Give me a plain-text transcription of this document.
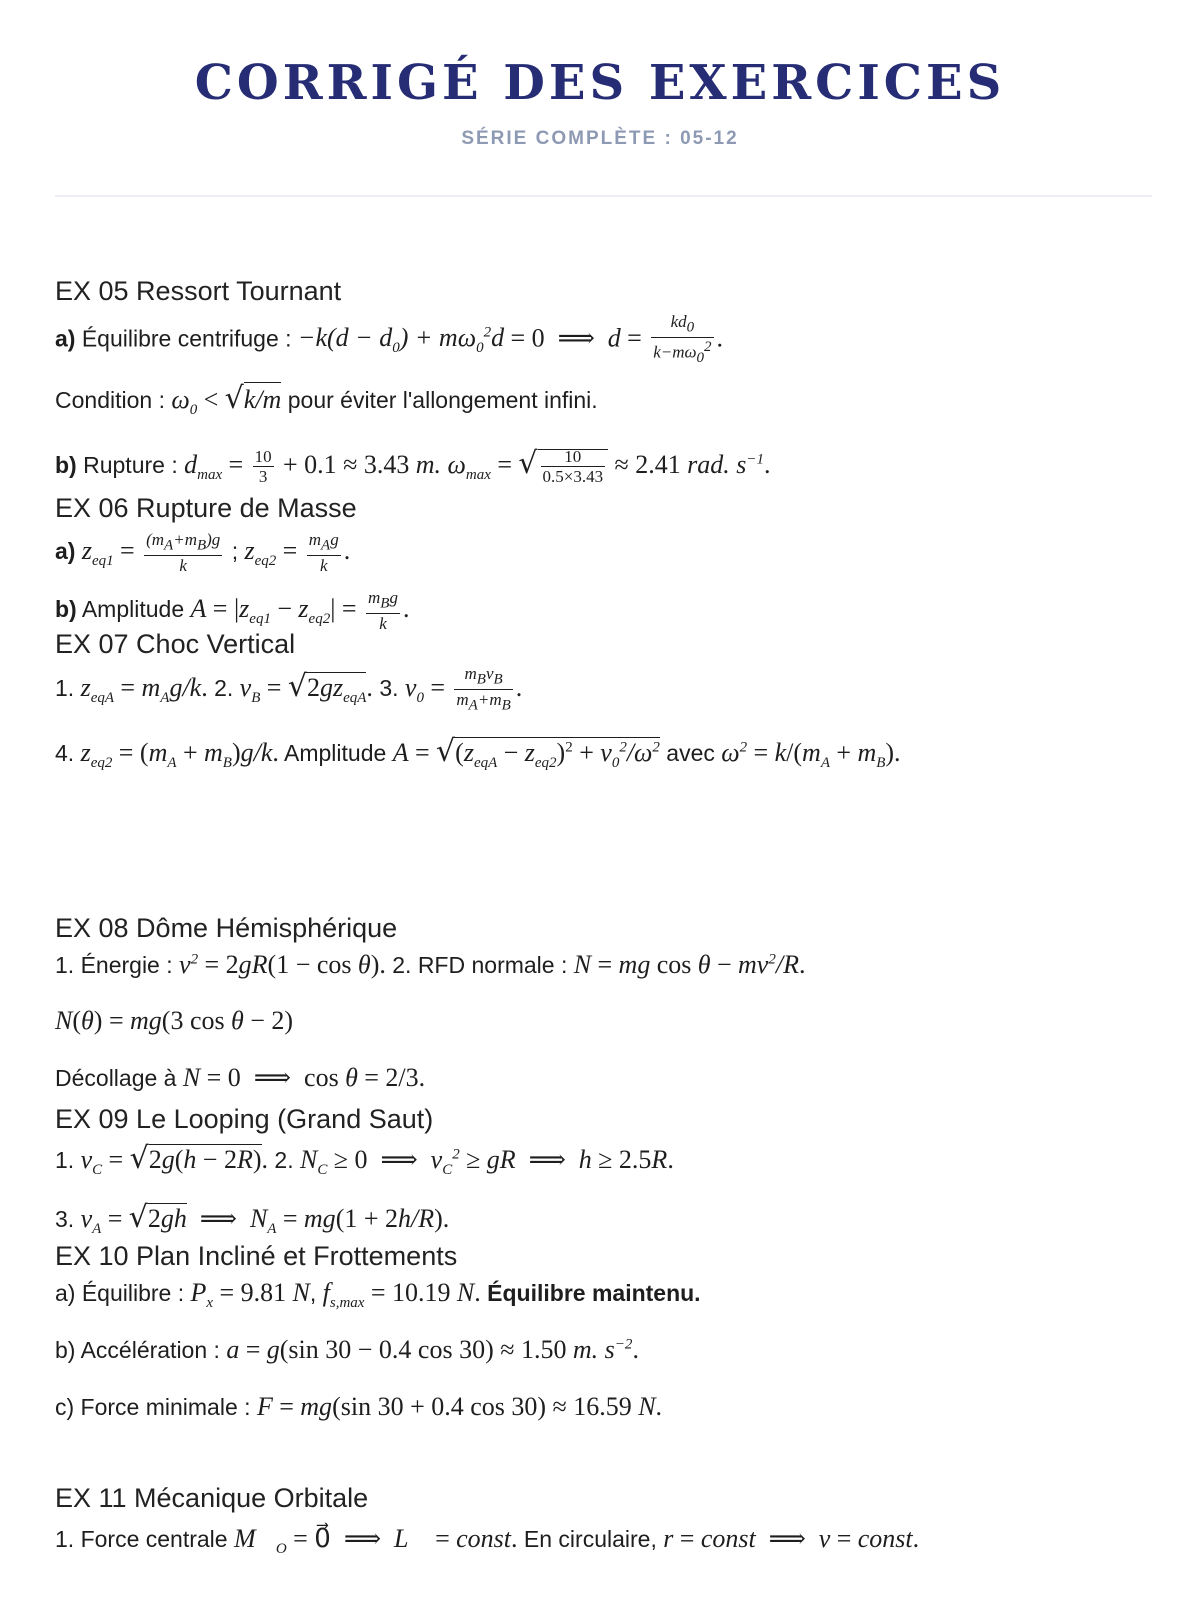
CORRIGÉ DES EXERCICES
SÉRIE COMPLÈTE : 05-12
EX 05 Ressort Tournant
a) Équilibre centrifuge : $-k(d - d_0) + m\omega_0^2d = 0$  ⟹  $d = \frac{kd_0}{k-m\omega_0^2}$ .
Condition : $\omega_0 < √k/m$ pour éviter l'allongement infini.
b) Rupture : $d_{max} = \frac{10}{3} + 0.1 \approx 3.43$ m. $\omega_{max}$ = √ $\frac{10}{0.5\times 3.43} \approx 2.41$ rad. $s^{-1}$.
EX 06 Rupture de Masse
a) $z_{eq1} = \frac{(m_A+m_B)g}{k}$ ; $z_{eq2} = \frac{m_Ag}{k}$ .
b) Amplitude $A = |z_{eq1} - z_{eq2}| = \frac{m_Bg}{k}$ .
EX 07 Choc Vertical
1. $z_{eqA} = m_Ag/k$. 2. $v_B = √2gz_{eqA}$. 3. $v_0 = \frac{m_Bv_B}{m_A+m_B}$ .
4. $z_{eq2} = (m_A + m_B)g/k$. Amplitude $A = √(z_{eqA} - z_{eq2})^2 + v_0^2/\omega^2$ avec $\omega^2 = k/(m_A + m_B)$.
EX 08 Dôme Hémisphérique
1. Énergie : $v^2 = 2gR(1 - \cos \theta)$. 2. RFD normale : N = mg $\cos \theta - mv^2/R$.
N(θ) = mg(3 cos θ − 2)
Décollage à N = 0  ⟹  cos θ = 2/3.
EX 09 Le Looping (Grand Saut)
1. $v_C = √2g(h - 2R)$. 2. $N_C \ge 0$  ⟹  $v_C^2$ ≥ gR  ⟹  h ≥ 2.5R.
3. $v_A = √2gh$  ⟹  $N_A = mg(1 + 2h/R)$.
EX 10 Plan Incliné et Frottements
a) Équilibre : $P_x = 9.81$ N, $f_{s,max} = 10.19$ N. Équilibre maintenu.
b) Accélération : a = g(sin 30 − 0.4 cos 30) ≈ 1.50 m. $s^{-2}$.
c) Force minimale : F = mg(sin 30 + 0.4 cos 30) ≈ 16.59 N.
EX 11 Mécanique Orbitale
1. Force centrale $M⃗_O$ = 0⃗  ⟹  L⃗ = const. En circulaire, r = const  ⟹  v = const.
